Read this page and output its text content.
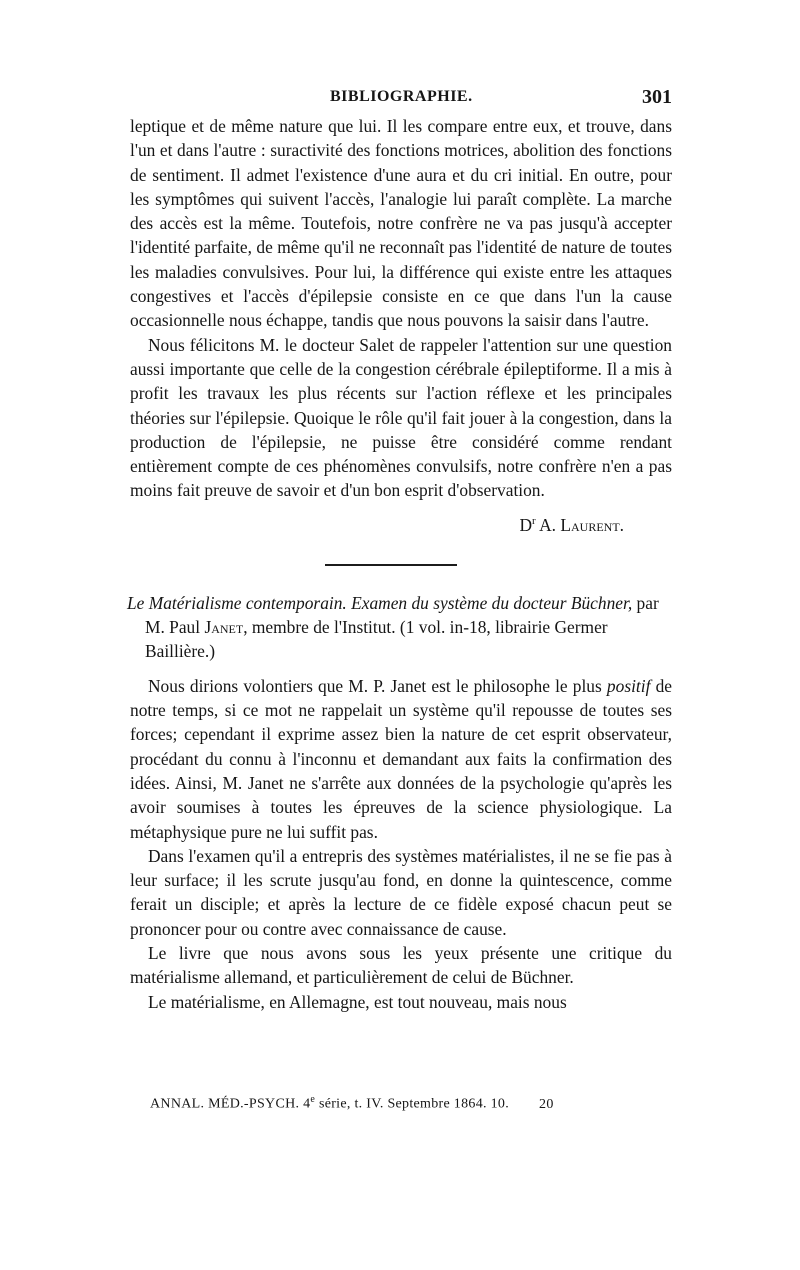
BIBLIOGRAPHIE.	301

leptique et de même nature que lui. Il les compare entre eux, et trouve, dans l'un et dans l'autre : suractivité des fonctions motrices, abolition des fonctions de sentiment. Il admet l'existence d'une aura et du cri initial. En outre, pour les symptômes qui suivent l'accès, l'analogie lui paraît complète. La marche des accès est la même. Toutefois, notre confrère ne va pas jusqu'à accepter l'identité parfaite, de même qu'il ne reconnaît pas l'identité de nature de toutes les maladies convulsives. Pour lui, la différence qui existe entre les attaques congestives et l'accès d'épilepsie consiste en ce que dans l'un la cause occasionnelle nous échappe, tandis que nous pouvons la saisir dans l'autre.

Nous félicitons M. le docteur Salet de rappeler l'attention sur une question aussi importante que celle de la congestion cérébrale épileptiforme. Il a mis à profit les travaux les plus récents sur l'action réflexe et les principales théories sur l'épilepsie. Quoique le rôle qu'il fait jouer à la congestion, dans la production de l'épilepsie, ne puisse être considéré comme rendant entièrement compte de ces phénomènes convulsifs, notre confrère n'en a pas moins fait preuve de savoir et d'un bon esprit d'observation.

$D^r$ A. Laurent.
Le Matérialisme contemporain. Examen du système du docteur Büchner, par M. Paul Janet, membre de l'Institut. (1 vol. in-18, librairie Germer Baillière.)

Nous dirions volontiers que M. P. Janet est le philosophe le plus positif de notre temps, si ce mot ne rappelait un système qu'il repousse de toutes ses forces; cependant il exprime assez bien la nature de cet esprit observateur, procédant du connu à l'inconnu et demandant aux faits la confirmation des idées. Ainsi, M. Janet ne s'arrête aux données de la psychologie qu'après les avoir soumises à toutes les épreuves de la science physiologique. La métaphysique pure ne lui suffit pas.

Dans l'examen qu'il a entrepris des systèmes matérialistes, il ne se fie pas à leur surface; il les scrute jusqu'au fond, en donne la quintescence, comme ferait un disciple; et après la lecture de ce fidèle exposé chacun peut se prononcer pour ou contre avec connaissance de cause.

Le livre que nous avons sous les yeux présente une critique du matérialisme allemand, et particulièrement de celui de Büchner.

Le matérialisme, en Allemagne, est tout nouveau, mais nous

ANNAL. MÉD.-PSYCH. 4e série, t. IV. Septembre 1864. 10. 20
